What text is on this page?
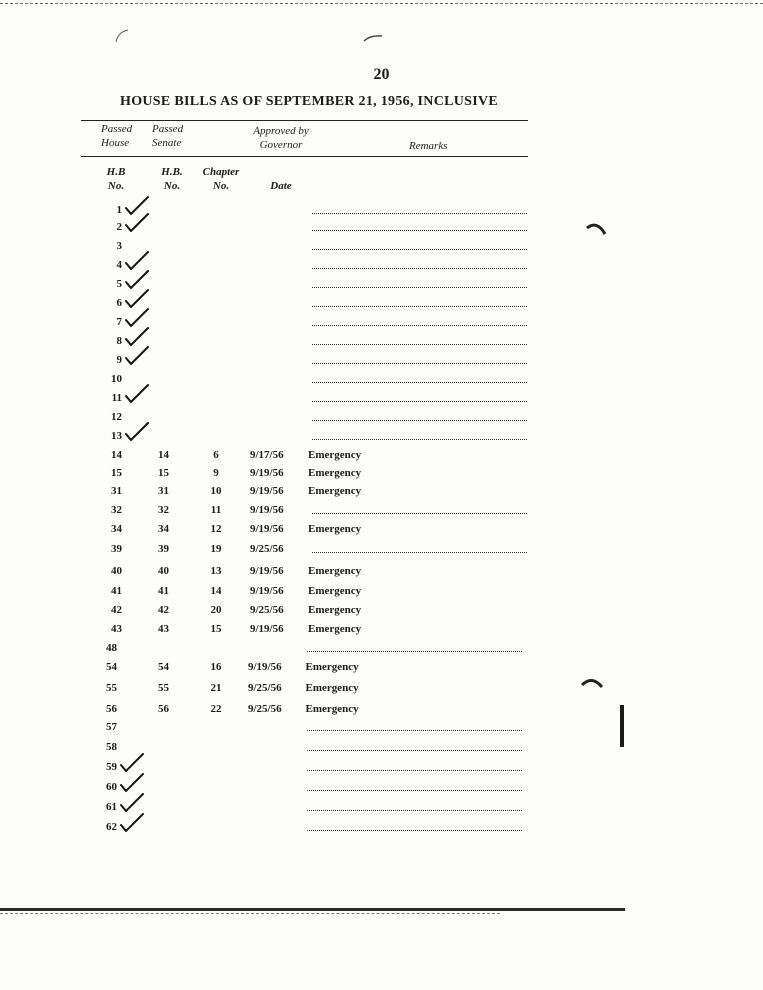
20
HOUSE BILLS AS OF SEPTEMBER 21, 1956, INCLUSIVE
Passed
House
Passed
Senate
Approved by
Governor	Remarks
H.B
No.
H.B.
No.
Chapter
No.	Date
1
2
3
4
5
6
7
8
9
10
11
12
13
14	14	6	9/17/56 Emergency
15	15	9	9/19/56 Emergency
31	31	10	9/19/56 Emergency
32	32	11	9/19/56
34	34	12	9/19/56 Emergency
39	39	19	9/25/56
40	40	13	9/19/56 Emergency
41	41	14	9/19/56 Emergency
42	42	20	9/25/56 Emergency
43	43	15	9/19/56 Emergency
48
54	54	16	9/19/56 Emergency
55	55	21	9/25/56 Emergency
56	56	22	9/25/56 Emergency
57
58
59
60
61
62
